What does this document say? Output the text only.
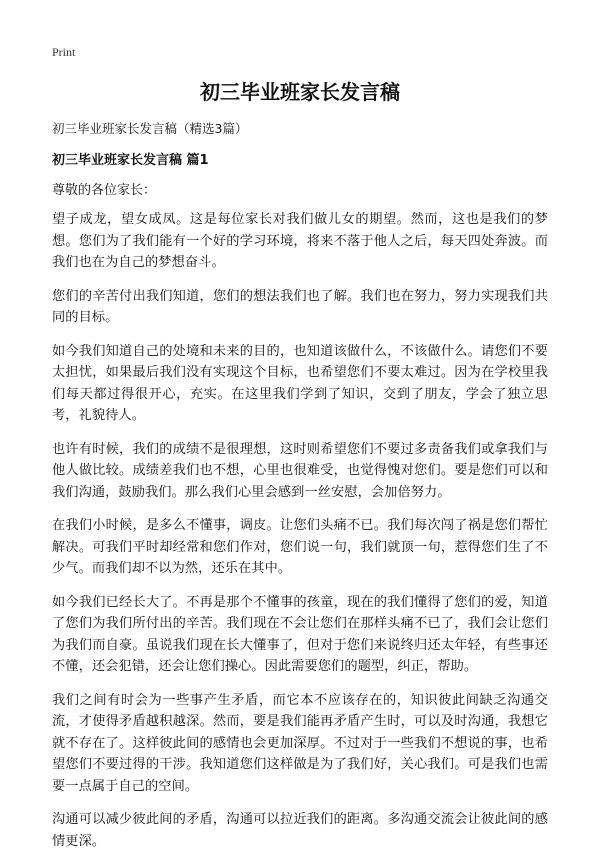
Print
初三毕业班家长发言稿
初三毕业班家长发言稿（精选3篇）
初三毕业班家长发言稿 篇1
尊敬的各位家长：

望子成龙，望女成凤。这是每位家长对我们做儿女的期望。然而，这也是我们的梦想。您们为了我们能有一个好的学习环境，将来不落于他人之后，每天四处奔波。而我们也在为自己的梦想奋斗。

您们的辛苦付出我们知道，您们的想法我们也了解。我们也在努力，努力实现我们共同的目标。

如今我们知道自己的处境和未来的目的，也知道该做什么，不该做什么。请您们不要太担忧，如果最后我们没有实现这个目标，也希望您们不要太难过。因为在学校里我们每天都过得很开心，充实。在这里我们学到了知识，交到了朋友，学会了独立思考，礼貌待人。

也许有时候，我们的成绩不是很理想，这时则希望您们不要过多责备我们或拿我们与他人做比较。成绩差我们也不想，心里也很难受，也觉得愧对您们。要是您们可以和我们沟通，鼓励我们。那么我们心里会感到一丝安慰，会加倍努力。

在我们小时候，是多么不懂事，调皮。让您们头痛不已。我们每次闯了祸是您们帮忙解决。可我们平时却经常和您们作对，您们说一句，我们就顶一句，惹得您们生了不少气。而我们却不以为然，还乐在其中。

如今我们已经长大了。不再是那个不懂事的孩童，现在的我们懂得了您们的爱，知道了您们为我们所付出的辛苦。我们现在不会让您们在那样头痛不已了，我们会让您们为我们而自豪。虽说我们现在长大懂事了，但对于您们来说终归还太年轻，有些事还不懂，还会犯错，还会让您们操心。因此需要您们的题型，纠正，帮助。

我们之间有时会为一些事产生矛盾，而它本不应该存在的，知识彼此间缺乏沟通交流，才使得矛盾越积越深。然而，要是我们能再矛盾产生时，可以及时沟通，我想它就不存在了。这样彼此间的感情也会更加深厚。不过对于一些我们不想说的事，也希望您们不要过得的干涉。我知道您们这样做是为了我们好，关心我们。可是我们也需要一点属于自己的空间。

沟通可以减少彼此间的矛盾，沟通可以拉近我们的距离。多沟通交流会让彼此间的感情更深。
